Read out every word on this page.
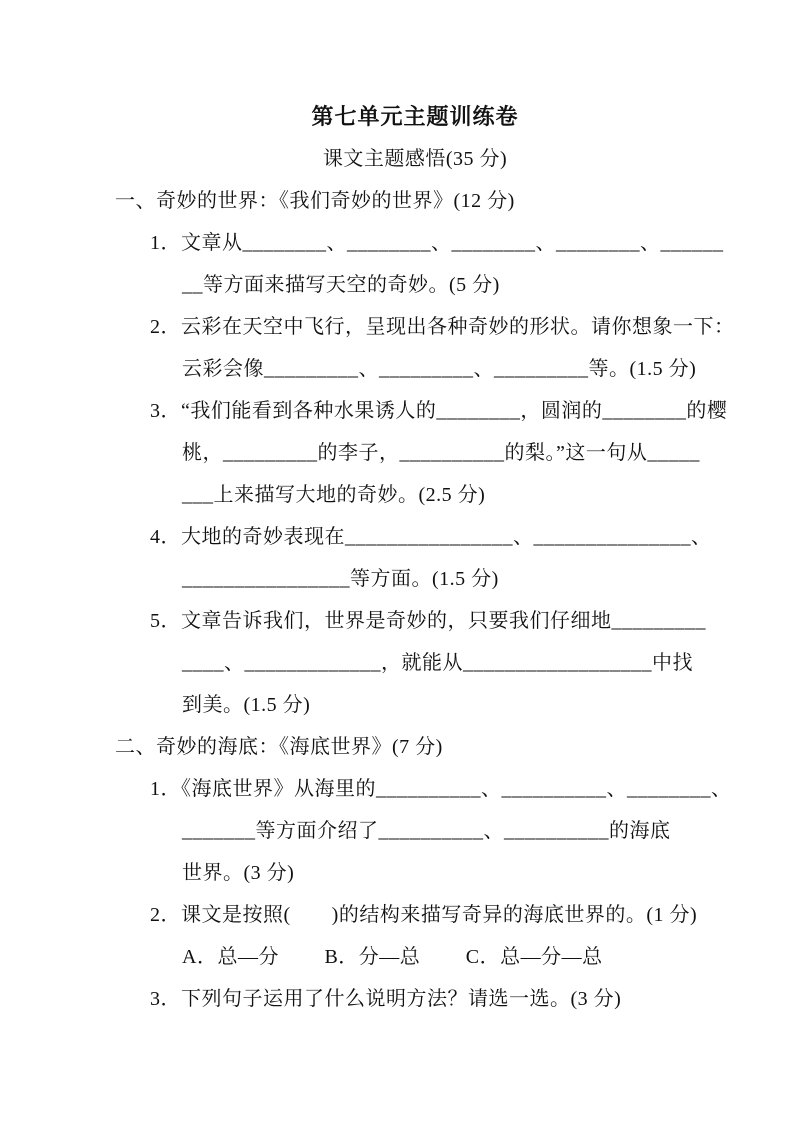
第七单元主题训练卷
课文主题感悟(35 分)
一、奇妙的世界：《我们奇妙的世界》(12 分)
1．文章从________、________、________、________、______
__等方面来描写天空的奇妙。(5 分)
2．云彩在天空中飞行，呈现出各种奇妙的形状。请你想象一下：
云彩会像_________、_________、_________等。(1.5 分)
3．“我们能看到各种水果诱人的________，圆润的________的樱
桃，_________的李子，__________的梨。”这一句从_____
___上来描写大地的奇妙。(2.5 分)
4．大地的奇妙表现在________________、_______________、
________________等方面。(1.5 分)
5．文章告诉我们，世界是奇妙的，只要我们仔细地_________
____、_____________，就能从__________________中找
到美。(1.5 分)
二、奇妙的海底：《海底世界》(7 分)
1．《海底世界》从海里的__________、__________、________、
_______等方面介绍了__________、__________的海底
世界。(3 分)
2．课文是按照(　　)的结构来描写奇异的海底世界的。(1 分)
A．总—分 B．分—总 C．总—分—总
3．下列句子运用了什么说明方法？请选一选。(3 分)
